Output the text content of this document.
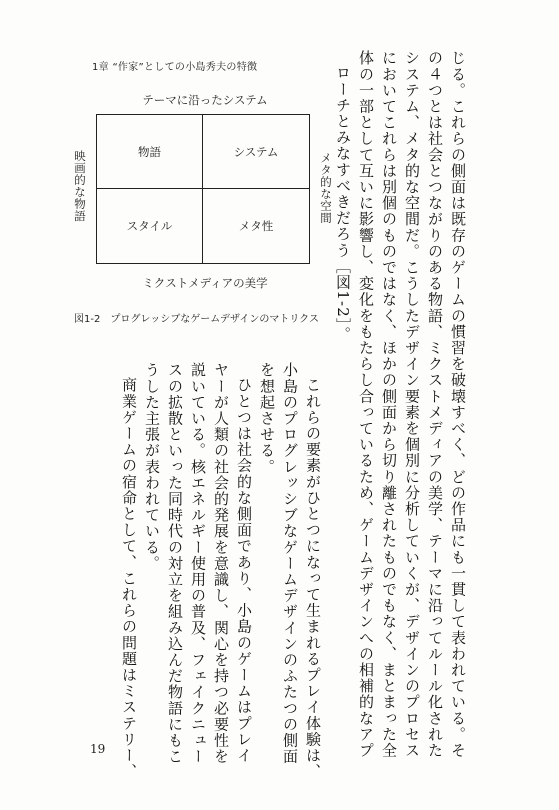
1章 “作家”としての小島秀夫の特徴
テーマに沿ったシステム
映画的な物語	物語	システム
スタイル	メタ性
メタ的な空間
ミクストメディアの美学
図1-2　プログレッシブなゲームデザインのマトリクス	じる。これらの側面は既存のゲームの慣習を破壊すべく、どの作品にも一貫して表われている。そ
の４つとは社会とつながりのある物語、ミクストメディアの美学、テーマに沿ってルール化された
システム、メタ的な空間だ。こうしたデザイン要素を個別に分析していくが、デザインのプロセス
においてこれらは別個のものではなく、ほかの側面から切り離されたものでもなく、まとまった全
体の一部として互いに影響し、変化をもたらし合っているため、ゲームデザインへの相補的なアプ
ローチとみなすべきだろう［図1-2］。
これらの要素がひとつになって生まれるプレイ体験は、
小島のプログレッシブなゲームデザインのふたつの側面
を想起させる。
ひとつは社会的な側面であり、小島のゲームはプレイ
ヤーが人類の社会的発展を意識し、関心を持つ必要性を
説いている。核エネルギー使用の普及、フェイクニュー
スの拡散といった同時代の対立を組み込んだ物語にもこ
うした主張が表われている。
商業ゲームの宿命として、これらの問題はミステリー、
19
